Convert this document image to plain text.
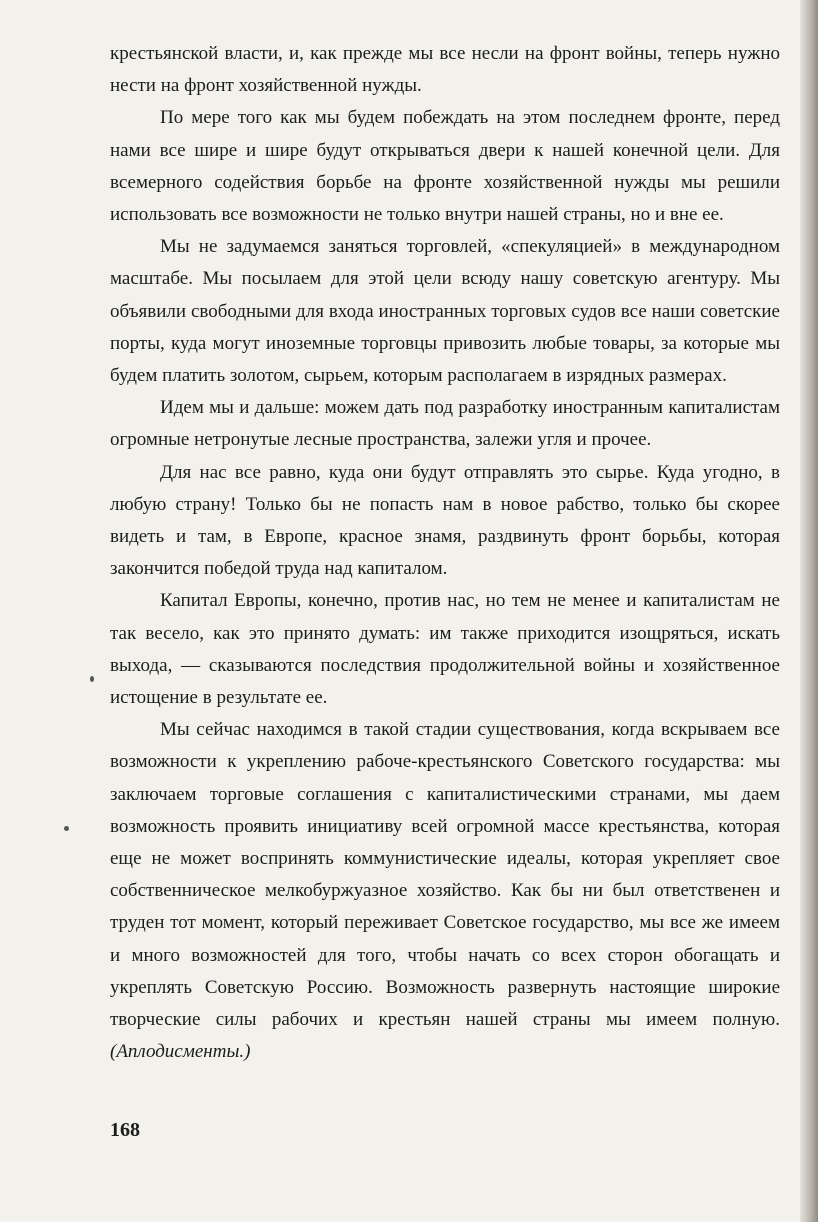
крестьянской власти, и, как прежде мы все несли на фронт войны, теперь нужно нести на фронт хозяйственной нужды.

По мере того как мы будем побеждать на этом последнем фронте, перед нами все шире и шире будут открываться двери к нашей конечной цели. Для всемерного содействия борьбе на фронте хозяйственной нужды мы решили использовать все возможности не только внутри нашей страны, но и вне ее.

Мы не задумаемся заняться торговлей, «спекуляцией» в международном масштабе. Мы посылаем для этой цели всюду нашу советскую агентуру. Мы объявили свободными для входа иностранных торговых судов все наши советские порты, куда могут иноземные торговцы привозить любые товары, за которые мы будем платить золотом, сырьем, которым располагаем в изрядных размерах.

Идем мы и дальше: можем дать под разработку иностранным капиталистам огромные нетронутые лесные пространства, залежи угля и прочее.

Для нас все равно, куда они будут отправлять это сырье. Куда угодно, в любую страну! Только бы не попасть нам в новое рабство, только бы скорее видеть и там, в Европе, красное знамя, раздвинуть фронт борьбы, которая закончится победой труда над капиталом.

Капитал Европы, конечно, против нас, но тем не менее и капиталистам не так весело, как это принято думать: им также приходится изощряться, искать выхода, — сказываются последствия продолжительной войны и хозяйственное истощение в результате ее.

Мы сейчас находимся в такой стадии существования, когда вскрываем все возможности к укреплению рабоче-крестьянского Советского государства: мы заключаем торговые соглашения с капиталистическими странами, мы даем возможность проявить инициативу всей огромной массе крестьянства, которая еще не может воспринять коммунистические идеалы, которая укрепляет свое собственническое мелкобуржуазное хозяйство. Как бы ни был ответственен и труден тот момент, который переживает Советское государство, мы все же имеем и много возможностей для того, чтобы начать со всех сторон обогащать и укреплять Советскую Россию. Возможность развернуть настоящие широкие творческие силы рабочих и крестьян нашей страны мы имеем полную. (Аплодисменты.)

168
